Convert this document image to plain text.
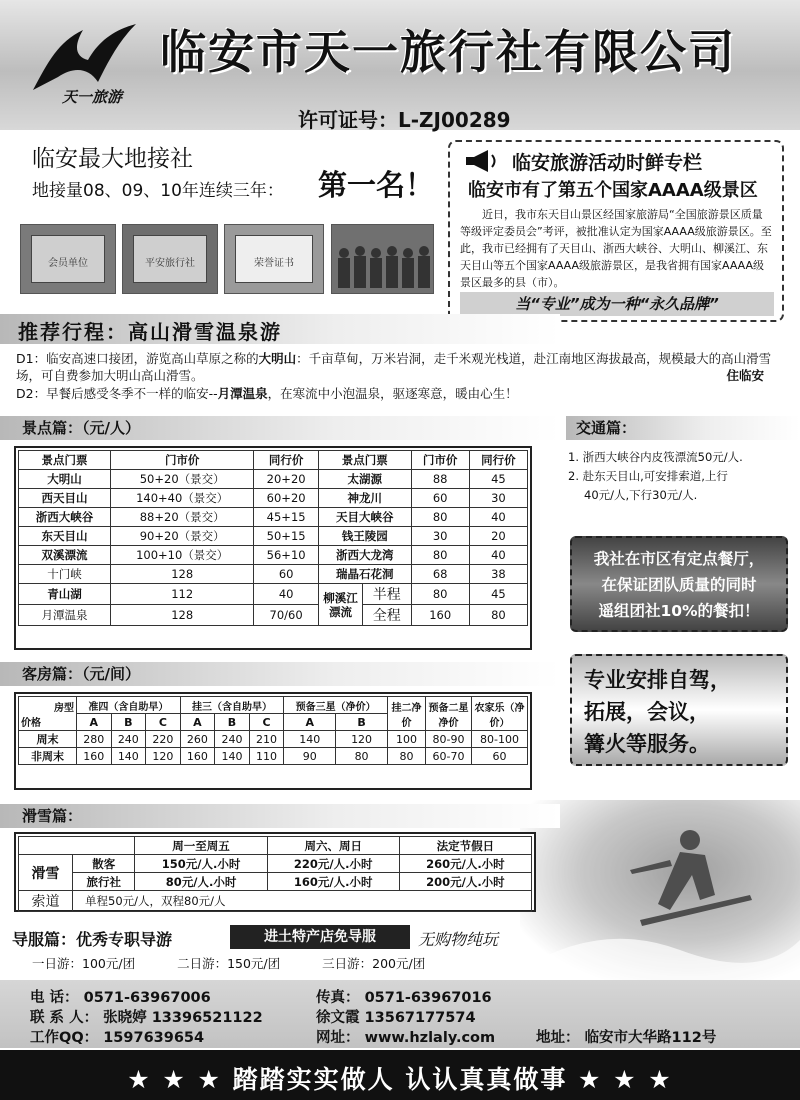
天一旅游
临安市天一旅行社有限公司
许可证号：L-ZJ00289
临安最大地接社
地接量08、09、10年连续三年： 第一名！
会员单位	平安旅行社	荣誉证书
临安旅游活动时鲜专栏
临安市有了第五个国家AAAA级景区
近日，我市东天目山景区经国家旅游局“全国旅游景区质量等级评定委员会”考评，被批准认定为国家AAAA级旅游景区。至此，我市已经拥有了天目山、浙西大峡谷、大明山、柳溪江、东天目山等五个国家AAAA级旅游景区，是我省拥有国家AAAA级景区最多的县（市）。
当“专业”成为一种“永久品牌”
推荐行程：高山滑雪温泉游

D1：临安高速口接团，游览高山草原之称的大明山：千亩草甸，万米岩洞，走千米观光栈道，赴江南地区海拔最高，规模最大的高山滑雪场，可自费参加大明山高山滑雪。	住临安

D2：早餐后感受冬季不一样的临安--月潭温泉，在寒流中小泡温泉，驱逐寒意，暖由心生！

景点篇：（元/人）
景点门票	门市价	同行价	景点门票		门市价	同行价
大明山	50+20（景交）	20+20	太湖源		88	45
西天目山	140+40（景交）	60+20	神龙川		60	30
浙西大峡谷	88+20（景交）	45+15	天目大峡谷		80	40
东天目山	90+20（景交）	50+15	钱王陵园		30	20
双溪漂流	100+10（景交）	56+10	浙西大龙湾		80	40
十门峡	128	60	瑞晶石花洞		68	38
青山湖	112	40	柳溪江漂流	半程	80	45
月潭温泉	128	70/60		全程	160	80
交通篇：
1. 浙西大峡谷内皮筏漂流50元/人.
2. 赴东天目山,可安排索道,上行
40元/人,下行30元/人.
我社在市区有定点餐厅，
在保证团队质量的同时
遥组团社10%的餐扣！
专业安排自驾，
拓展，会议，
篝火等服务。
客房篇：（元/间）
房型
价格	准四（含自助早）			挂三（含自助早）			预备三星（净价）		挂二净价	预备二星净价	农家乐（净价）
	A	B	C	A	B	C	A	B			
周末	280	240	220	260	240	210	140	120	100	80-90	80-100
非周末	160	140	120	160	140	110	90	80	80	60-70	60
滑雪篇：
		周一至周五	周六、周日	法定节假日
滑雪	散客	150元/人.小时	220元/人.小时	260元/人.小时
	旅行社	80元/人.小时	160元/人.小时	200元/人.小时
索道	单程50元/人，双程80元/人			
导服篇：优秀专职导游	进土特产店免导服	无购物纯玩
一日游：100元/团	二日游：150元/团	三日游：200元/团
电 话： 0571-63967006	传真： 0571-63967016
联 系 人： 张晓婷 13396521122	徐文霞 13567177574
工作QQ： 1597639654	网址： www.hzlaly.com	地址： 临安市大华路112号
★ ★ ★ 踏踏实实做人 认认真真做事 ★ ★ ★
